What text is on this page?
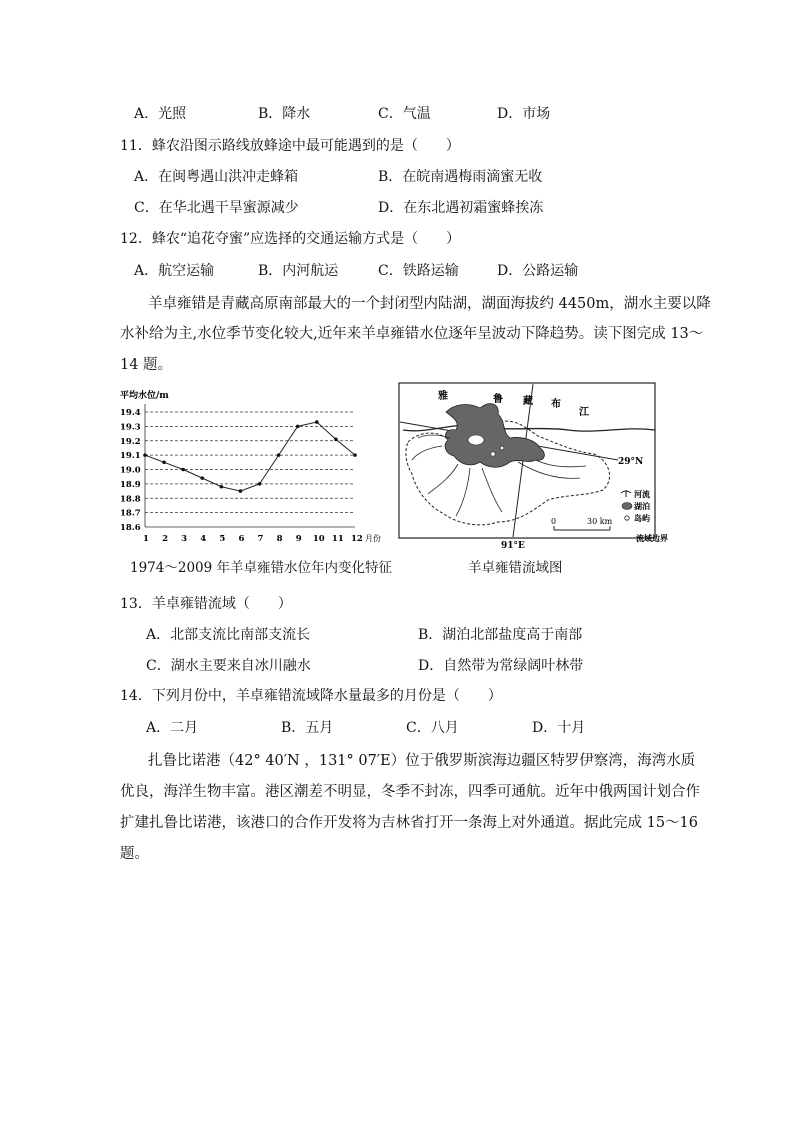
A．光照	B．降水	C．气温	D．市场
11．蜂农沿图示路线放蜂途中最可能遇到的是（　　）
A．在闽粤遇山洪冲走蜂箱	B．在皖南遇梅雨滴蜜无收
C．在华北遇干旱蜜源减少	D．在东北遇初霜蜜蜂挨冻
12．蜂农“追花夺蜜”应选择的交通运输方式是（　　）
A．航空运输	B．内河航运	C．铁路运输	D．公路运输
羊卓雍错是青藏高原南部最大的一个封闭型内陆湖，湖面海拔约 4450m，湖水主要以降
水补给为主,水位季节变化较大,近年来羊卓雍错水位逐年呈波动下降趋势。读下图完成 13～
14 题。
平均水位/m
19.4
19.3
19.2
19.1
19.0
18.9
18.8
18.7
18.6
1 2 3 4 5 6 7 8 9 10 11 12 月份
1974～2009 年羊卓雍错水位年内变化特征
雅	鲁 藏 布
江
29°N
91°E
0	30 km
河流
湖泊
岛屿
流域边界
羊卓雍错流域图
13．羊卓雍错流域（　　）
A．北部支流比南部支流长	B．湖泊北部盐度高于南部
C．湖水主要来自冰川融水	D．自然带为常绿阔叶林带
14．下列月份中，羊卓雍错流域降水量最多的月份是（　　）
A．二月	B．五月	C．八月	D．十月
扎鲁比诺港（42° 40′N ，131° 07′E）位于俄罗斯滨海边疆区特罗伊察湾，海湾水质
优良，海洋生物丰富。港区潮差不明显，冬季不封冻，四季可通航。近年中俄两国计划合作
扩建扎鲁比诺港，该港口的合作开发将为吉林省打开一条海上对外通道。据此完成 15～16
题。
